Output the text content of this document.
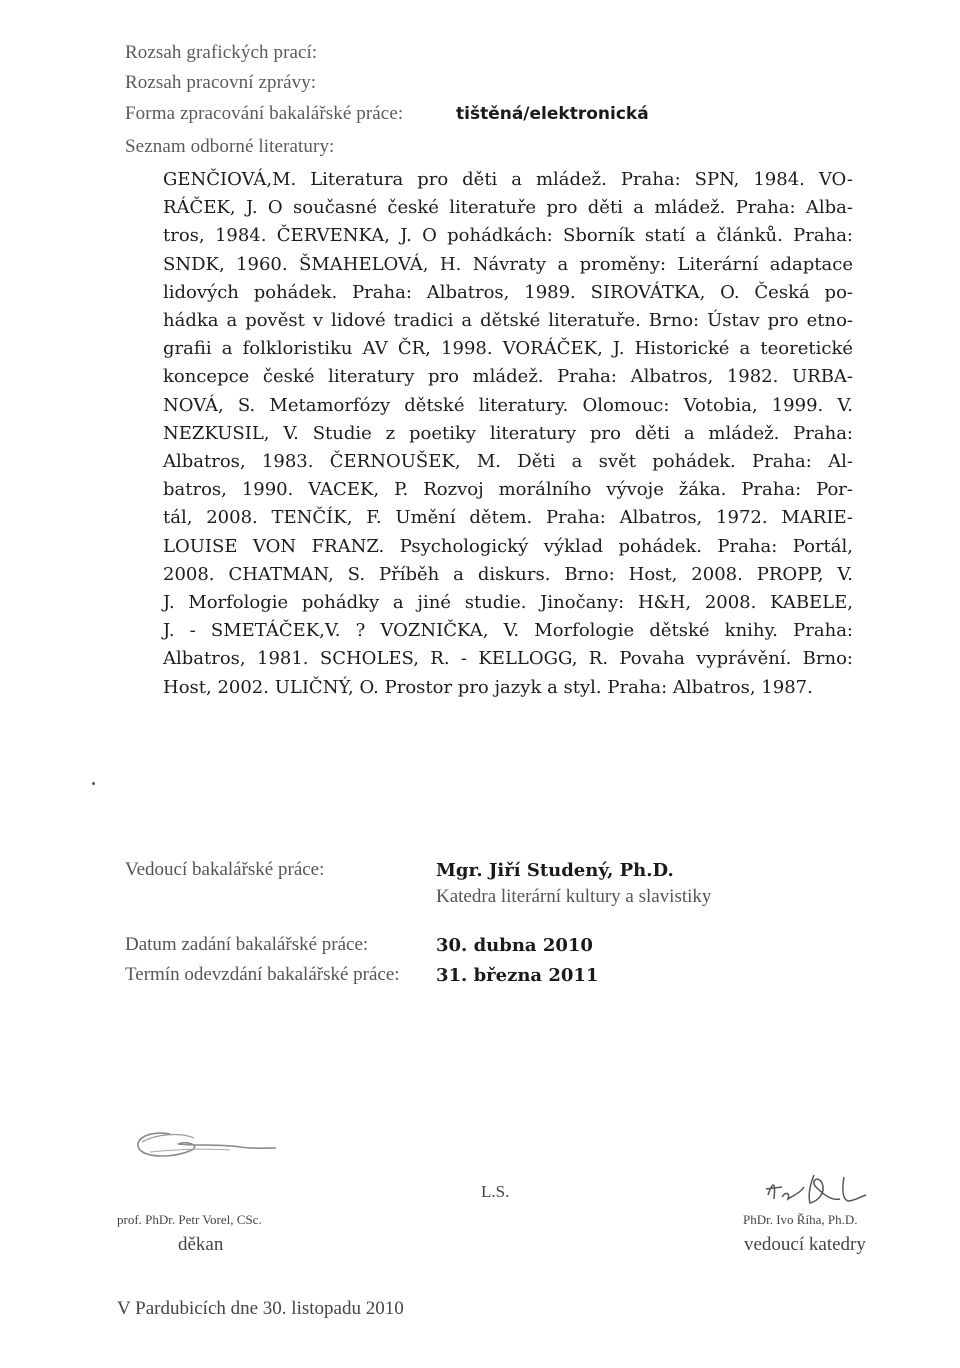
Rozsah grafických prací:
Rozsah pracovní zprávy:
Forma zpracování bakalářské práce:	tištěná/elektronická
Seznam odborné literatury:
GENČIOVÁ,M. Literatura pro děti a mládež. Praha: SPN, 1984. VO-
RÁČEK, J. O současné české literatuře pro děti a mládež. Praha: Alba-
tros, 1984. ČERVENKA, J. O pohádkách: Sborník statí a článků. Praha:
SNDK, 1960. ŠMAHELOVÁ, H. Návraty a proměny: Literární adaptace
lidových pohádek. Praha: Albatros, 1989. SIROVÁTKA, O. Česká po-
hádka a pověst v lidové tradici a dětské literatuře. Brno: Ústav pro etno-
grafii a folkloristiku AV ČR, 1998. VORÁČEK, J. Historické a teoretické
koncepce české literatury pro mládež. Praha: Albatros, 1982. URBA-
NOVÁ, S. Metamorfózy dětské literatury. Olomouc: Votobia, 1999. V.
NEZKUSIL, V. Studie z poetiky literatury pro děti a mládež. Praha:
Albatros, 1983. ČERNOUŠEK, M. Děti a svět pohádek. Praha: Al-
batros, 1990. VACEK, P. Rozvoj morálního vývoje žáka. Praha: Por-
tál, 2008. TENČÍK, F. Umění dětem. Praha: Albatros, 1972. MARIE-
LOUISE VON FRANZ. Psychologický výklad pohádek. Praha: Portál,
2008. CHATMAN, S. Příběh a diskurs. Brno: Host, 2008. PROPP, V.
J. Morfologie pohádky a jiné studie. Jinočany: H&H, 2008. KABELE,
J. - SMETÁČEK,V. ? VOZNIČKA, V. Morfologie dětské knihy. Praha:
Albatros, 1981. SCHOLES, R. - KELLOGG, R. Povaha vyprávění. Brno:
Host, 2002. ULIČNÝ, O. Prostor pro jazyk a styl. Praha: Albatros, 1987.
Vedoucí bakalářské práce:	Mgr. Jiří Studený, Ph.D.
Katedra literární kultury a slavistiky
Datum zadání bakalářské práce:	30. dubna 2010
Termín odevzdání bakalářské práce: 31. března 2011
prof. PhDr. Petr Vorel, CSc.
děkan
L.S.
PhDr. Ivo Říha, Ph.D.
vedoucí katedry
V Pardubicích dne 30. listopadu 2010
